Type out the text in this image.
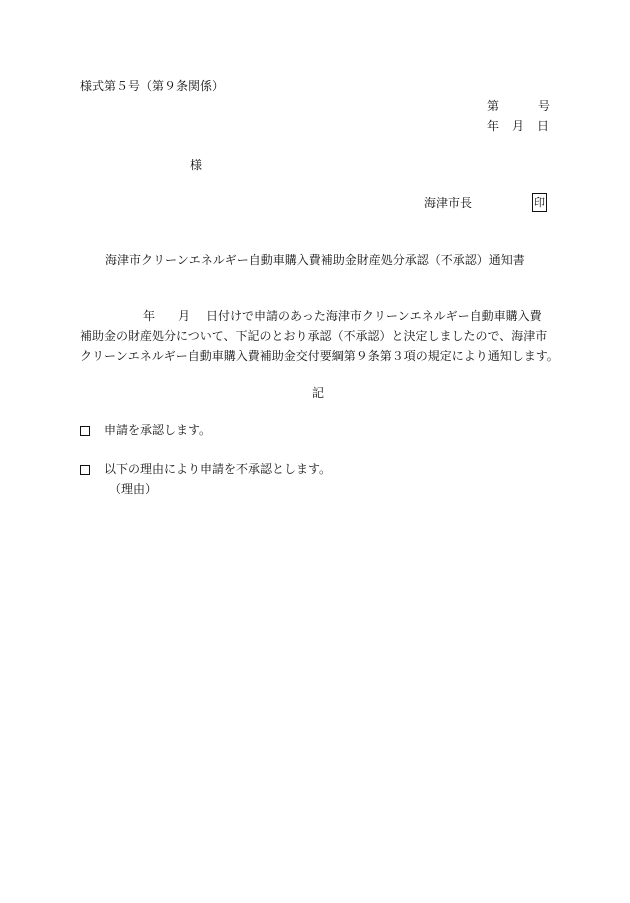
様式第５号（第９条関係）
第	号
年 月 日
様
海津市長	印
海津市クリーンエネルギー自動車購入費補助金財産処分承認（不承認）通知書
年 月 日付けで申請のあった海津市クリーンエネルギー自動車購入費
補助金の財産処分について、下記のとおり承認（不承認）と決定しましたので、海津市
クリーンエネルギー自動車購入費補助金交付要綱第９条第３項の規定により通知します。
記
申請を承認します。
以下の理由により申請を不承認とします。
（理由）
